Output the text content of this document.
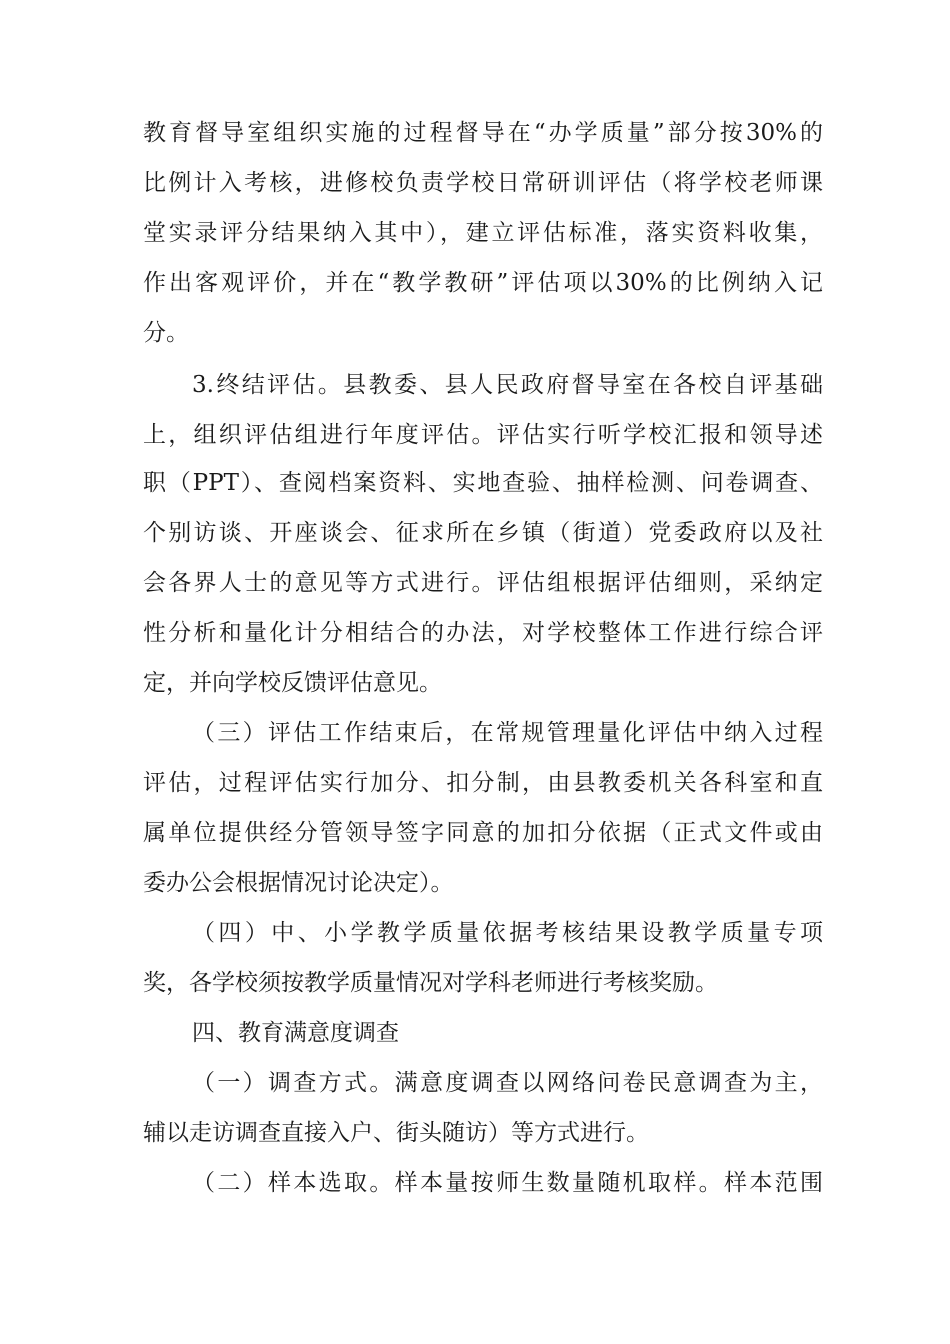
教育督导室组织实施的过程督导在“办学质量”部分按30%的
比例计入考核，进修校负责学校日常研训评估（将学校老师课
堂实录评分结果纳入其中），建立评估标准，落实资料收集，
作出客观评价，并在“教学教研”评估项以30%的比例纳入记
分。
3.终结评估。县教委、县人民政府督导室在各校自评基础
上，组织评估组进行年度评估。评估实行听学校汇报和领导述
职（PPT）、查阅档案资料、实地查验、抽样检测、问卷调查、
个别访谈、开座谈会、征求所在乡镇（街道）党委政府以及社
会各界人士的意见等方式进行。评估组根据评估细则，采纳定
性分析和量化计分相结合的办法，对学校整体工作进行综合评
定，并向学校反馈评估意见。
（三）评估工作结束后，在常规管理量化评估中纳入过程
评估，过程评估实行加分、扣分制，由县教委机关各科室和直
属单位提供经分管领导签字同意的加扣分依据（正式文件或由
委办公会根据情况讨论决定）。
（四）中、小学教学质量依据考核结果设教学质量专项
奖，各学校须按教学质量情况对学科老师进行考核奖励。
四、教育满意度调查
（一）调查方式。满意度调查以网络问卷民意调查为主，
辅以走访调查直接入户、街头随访）等方式进行。
（二）样本选取。样本量按师生数量随机取样。样本范围
